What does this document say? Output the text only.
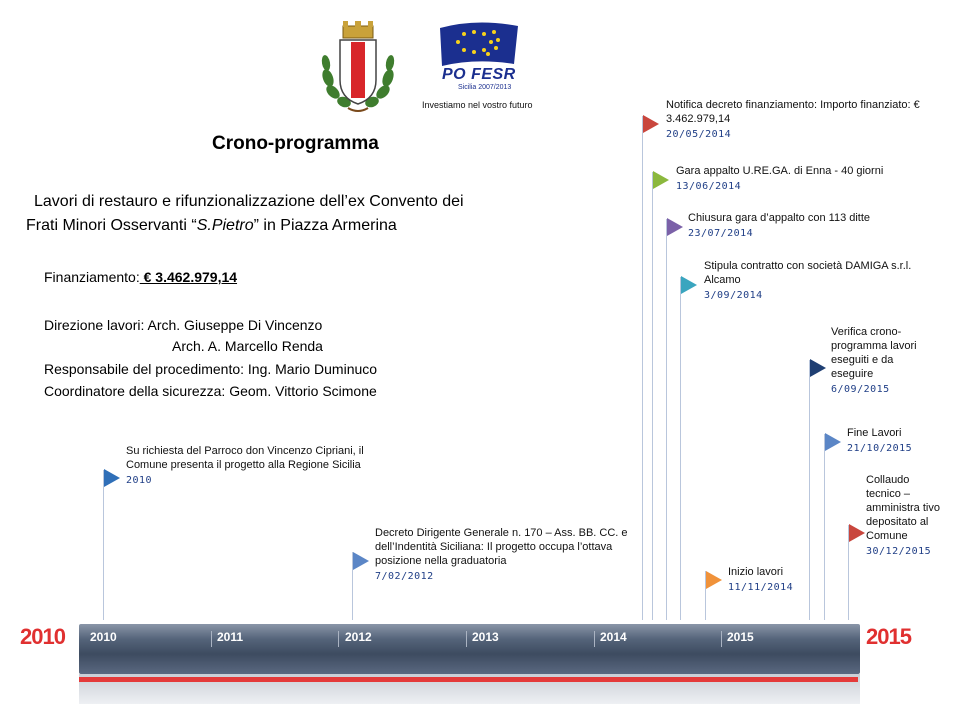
PO FESR
Sicilia 2007/2013
Investiamo nel vostro futuro
Crono-programma
Lavori di restauro e rifunzionalizzazione dell’ex Convento dei
Frati Minori Osservanti “S.Pietro” in Piazza Armerina
Finanziamento: € 3.462.979,14
Direzione lavori: Arch. Giuseppe Di Vincenzo
Arch. A. Marcello Renda
Responsabile del procedimento: Ing. Mario Duminuco
Coordinatore della sicurezza: Geom. Vittorio Scimone
Su richiesta del Parroco don Vincenzo Cipriani, il Comune presenta il progetto alla Regione Sicilia
2010
Decreto Dirigente Generale n. 170 – Ass. BB. CC. e dell’Indentità Siciliana: Il progetto occupa l’ottava posizione nella graduatoria
7/02/2012
Notifica decreto finanziamento: Importo finanziato: € 3.462.979,14
20/05/2014
Gara appalto U.RE.GA. di Enna - 40 giorni
13/06/2014
Chiusura gara d’appalto con 113 ditte
23/07/2014
Stipula contratto con società DAMIGA s.r.l. Alcamo
3/09/2014
Inizio lavori
11/11/2014
Verifica crono-programma lavori eseguiti e da eseguire
6/09/2015
Fine Lavori
21/10/2015
Collaudo tecnico – amministra tivo depositato al Comune
30/12/2015
2010	2015
2010	2011	2012	2013	2014	2015
